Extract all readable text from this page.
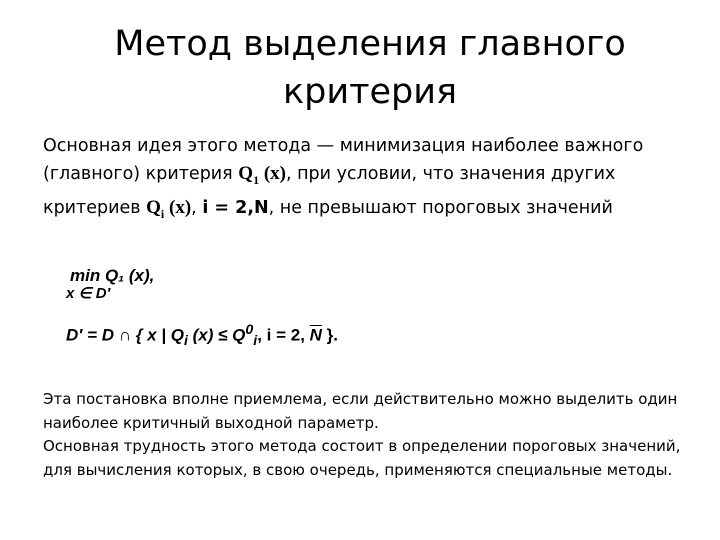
Метод выделения главного
критерия
Основная идея этого метода — минимизация наиболее важного (главного) критерия $Q_1$ (x), при условии, что значения других критериев $Q_i$ (x), i = 2,N, не превышают пороговых значений
min Q₁ (x),
x ∈ D′
D′ = D ∩ { x | $Q_i$ $(x) \le Q^0_i$, i = 2, $\overline{N}$ }.

Эта постановка вполне приемлема, если действительно можно выделить один наиболее критичный выходной параметр.

Основная трудность этого метода состоит в определении пороговых значений, для вычисления которых, в свою очередь, применяются специальные методы.
